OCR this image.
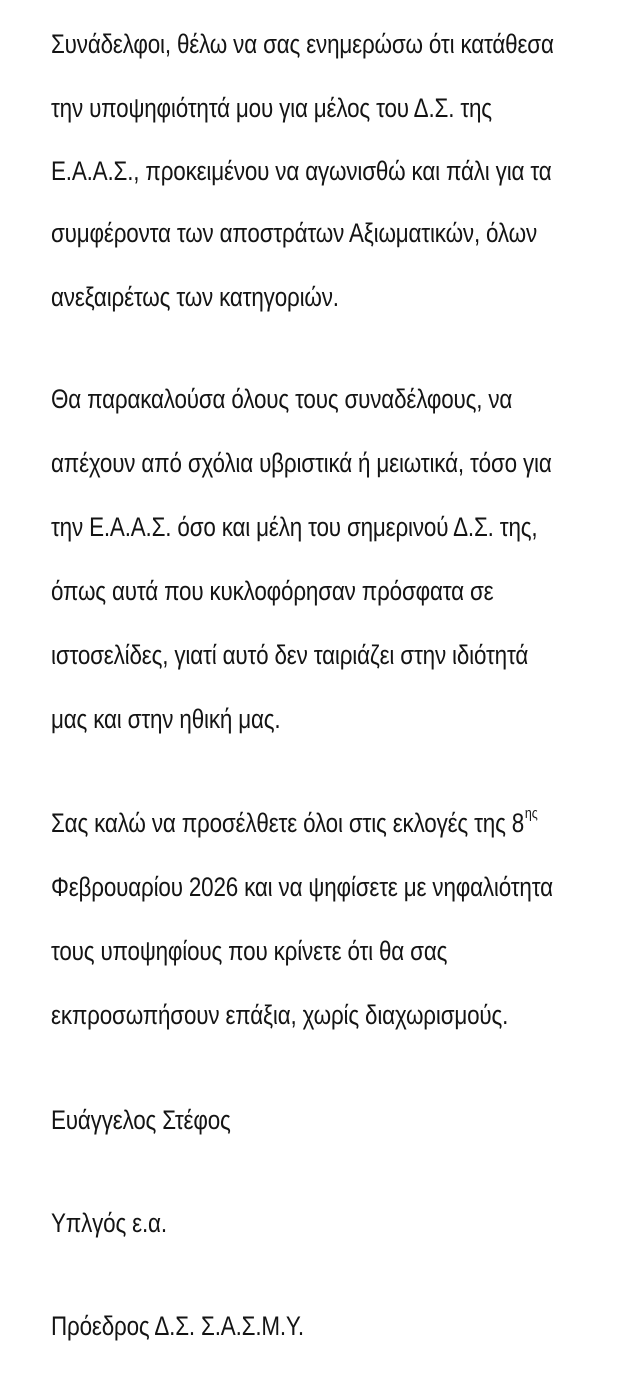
Συνάδελφοι, θέλω να σας ενημερώσω ότι κατάθεσα
την υποψηφιότητά μου για μέλος του Δ.Σ. της
Ε.Α.Α.Σ., προκειμένου να αγωνισθώ και πάλι για τα
συμφέροντα των αποστράτων Αξιωματικών, όλων
ανεξαιρέτως των κατηγοριών.
Θα παρακαλούσα όλους τους συναδέλφους, να
απέχουν από σχόλια υβριστικά ή μειωτικά, τόσο για
την Ε.Α.Α.Σ. όσο και μέλη του σημερινού Δ.Σ. της,
όπως αυτά που κυκλοφόρησαν πρόσφατα σε
ιστοσελίδες, γιατί αυτό δεν ταιριάζει στην ιδιότητά
μας και στην ηθική μας.
Σας καλώ να προσέλθετε όλοι στις εκλογές της $8^{\eta\varsigma}$
Φεβρουαρίου 2026 και να ψηφίσετε με νηφαλιότητα
τους υποψηφίους που κρίνετε ότι θα σας
εκπροσωπήσουν επάξια, χωρίς διαχωρισμούς.
Ευάγγελος Στέφος
Υπλγός ε.α.
Πρόεδρος Δ.Σ. Σ.Α.Σ.Μ.Υ.
